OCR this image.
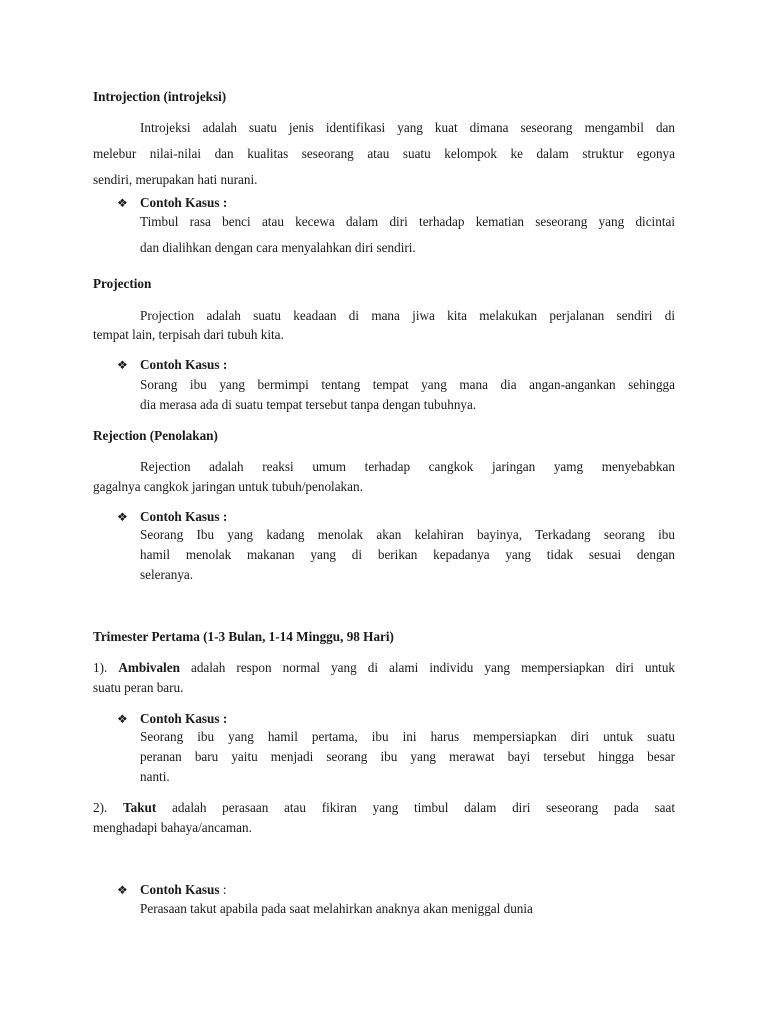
Introjection (introjeksi)
Introjeksi adalah suatu jenis identifikasi yang kuat dimana seseorang mengambil dan
melebur nilai-nilai dan kualitas seseorang atau suatu kelompok ke dalam struktur egonya
sendiri, merupakan hati nurani.
❖ Contoh Kasus :
Timbul rasa benci atau kecewa dalam diri terhadap kematian seseorang yang dicintai
dan dialihkan dengan cara menyalahkan diri sendiri.
Projection
Projection adalah suatu keadaan di mana jiwa kita melakukan perjalanan sendiri di
tempat lain, terpisah dari tubuh kita.
❖ Contoh Kasus :
Sorang ibu yang bermimpi tentang tempat yang mana dia angan-angankan sehingga
dia merasa ada di suatu tempat tersebut tanpa dengan tubuhnya.
Rejection (Penolakan)
Rejection adalah reaksi umum terhadap cangkok jaringan yamg menyebabkan
gagalnya cangkok jaringan untuk tubuh/penolakan.
❖ Contoh Kasus :
Seorang Ibu yang kadang menolak akan kelahiran bayinya, Terkadang seorang ibu
hamil menolak makanan yang di berikan kepadanya yang tidak sesuai dengan
seleranya.
Trimester Pertama (1-3 Bulan, 1-14 Minggu, 98 Hari)
1). Ambivalen adalah respon normal yang di alami individu yang mempersiapkan diri untuk
suatu peran baru.
❖ Contoh Kasus :
Seorang ibu yang hamil pertama, ibu ini harus mempersiapkan diri untuk suatu
peranan baru yaitu menjadi seorang ibu yang merawat bayi tersebut hingga besar
nanti.
2). Takut adalah perasaan atau fikiran yang timbul dalam diri seseorang pada saat
menghadapi bahaya/ancaman.
❖ Contoh Kasus :
Perasaan takut apabila pada saat melahirkan anaknya akan meniggal dunia
